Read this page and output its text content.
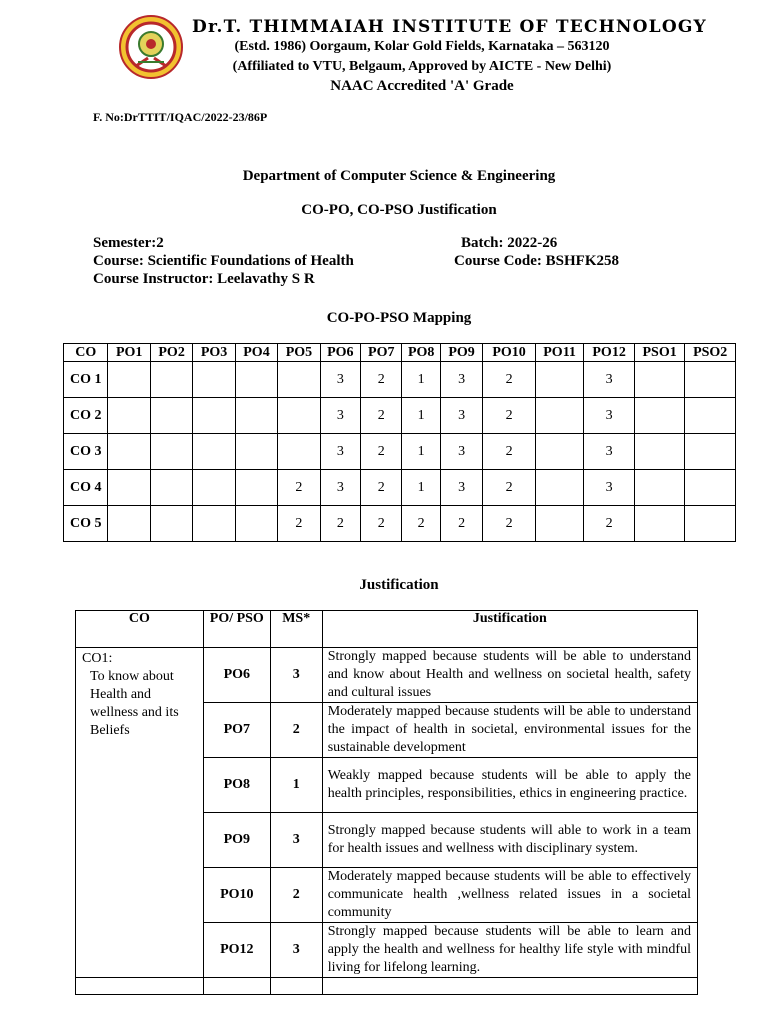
Dr.T. THIMMAIAH INSTITUTE OF TECHNOLOGY
(Estd. 1986) Oorgaum, Kolar Gold Fields, Karnataka – 563120
(Affiliated to VTU, Belgaum, Approved by AICTE - New Delhi)
NAAC Accredited 'A' Grade
F. No:DrTTIT/IQAC/2022-23/86P
Department of Computer Science & Engineering
CO-PO, CO-PSO Justification
Semester:2	Batch: 2022-26
Course: Scientific Foundations of Health	Course Code: BSHFK258
Course Instructor: Leelavathy S R
CO-PO-PSO Mapping
CO	PO1	PO2	PO3	PO4	PO5	PO6	PO7	PO8	PO9	PO10	PO11	PO12	PSO1	PSO2
CO 1						3	2	1	3	2		3		
CO 2						3	2	1	3	2		3		
CO 3						3	2	1	3	2		3		
CO 4					2	3	2	1	3	2		3		
CO 5					2	2	2	2	2	2		2		
Justification
CO	PO/ PSO	MS*	Justification

CO1:
To know about Health and wellness and its Beliefs	PO6	3	Strongly mapped because students will be able to understand and know about Health and wellness on societal health, safety and cultural issues
	PO7	2	Moderately mapped because students will be able to understand the impact of health in societal, environmental issues for the sustainable development
	PO8	1	Weakly mapped because students will be able to apply the health principles, responsibilities, ethics in engineering practice.
	PO9	3	Strongly mapped because students will able to work in a team for health issues and wellness with disciplinary system.
	PO10	2	Moderately mapped because students will be able to effectively communicate health ,wellness related issues in a societal community
	PO12	3	Strongly mapped because students will be able to learn and apply the health and wellness for healthy life style with mindful living for lifelong learning.
